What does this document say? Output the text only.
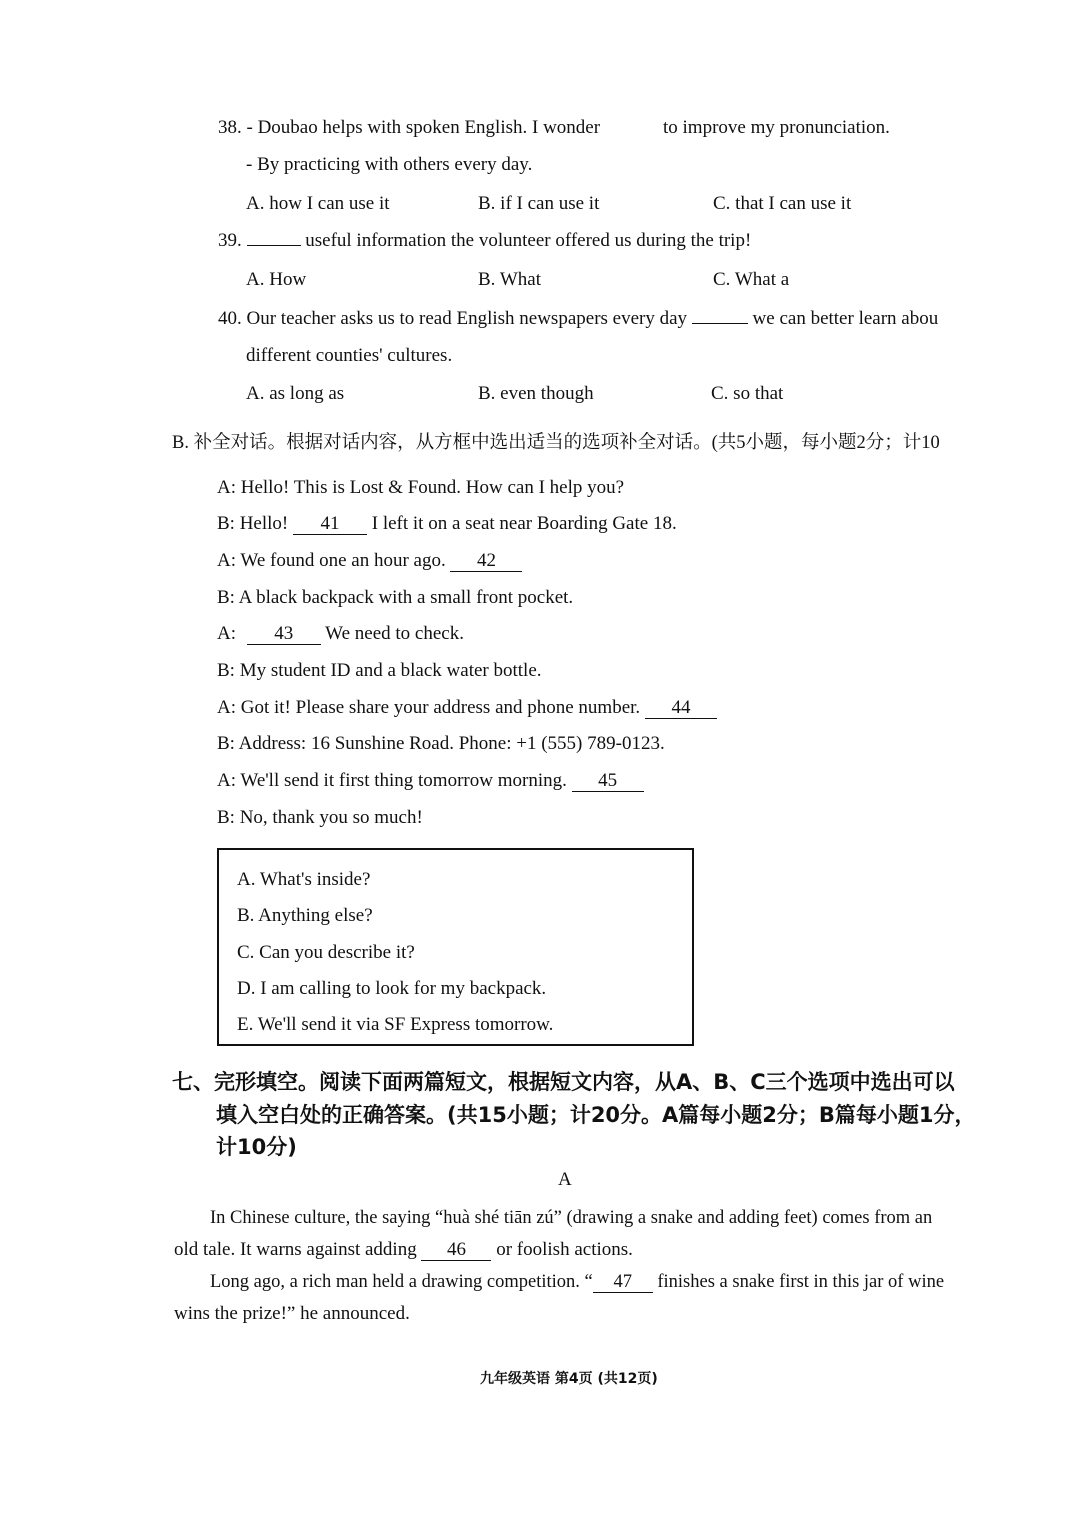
38. - Doubao helps with spoken English. I wonder	to improve my pronunciation.
- By practicing with others every day.
A. how I can use it	B. if I can use it	C. that I can use it
39.	useful information the volunteer offered us during the trip!
A. How	B. What	C. What a
40. Our teacher asks us to read English newspapers every day	we can better learn abou
different counties' cultures.
A. as long as	B. even though	C. so that
B. 补全对话。根据对话内容，从方框中选出适当的选项补全对话。(共5小题，每小题2分；计10
A: Hello! This is Lost & Found. How can I help you?
B: Hello! 41 I left it on a seat near Boarding Gate 18.
A: We found one an hour ago. 42
B: A black backpack with a small front pocket.
A: 43 We need to check.
B: My student ID and a black water bottle.
A: Got it! Please share your address and phone number. 44
B: Address: 16 Sunshine Road. Phone: +1 (555) 789-0123.
A: We'll send it first thing tomorrow morning. 45
B: No, thank you so much!
A. What's inside?
B. Anything else?
C. Can you describe it?
D. I am calling to look for my backpack.
E. We'll send it via SF Express tomorrow.
七、完形填空。阅读下面两篇短文，根据短文内容，从A、B、C三个选项中选出可以
填入空白处的正确答案。(共15小题；计20分。A篇每小题2分；B篇每小题1分，
计10分)
A
In Chinese culture, the saying “huà shé tiān zú” (drawing a snake and adding feet) comes from an
old tale. It warns against adding 46 or foolish actions.
Long ago, a rich man held a drawing competition. “ 47 finishes a snake first in this jar of wine
wins the prize!” he announced.
九年级英语 第4页 (共12页)
